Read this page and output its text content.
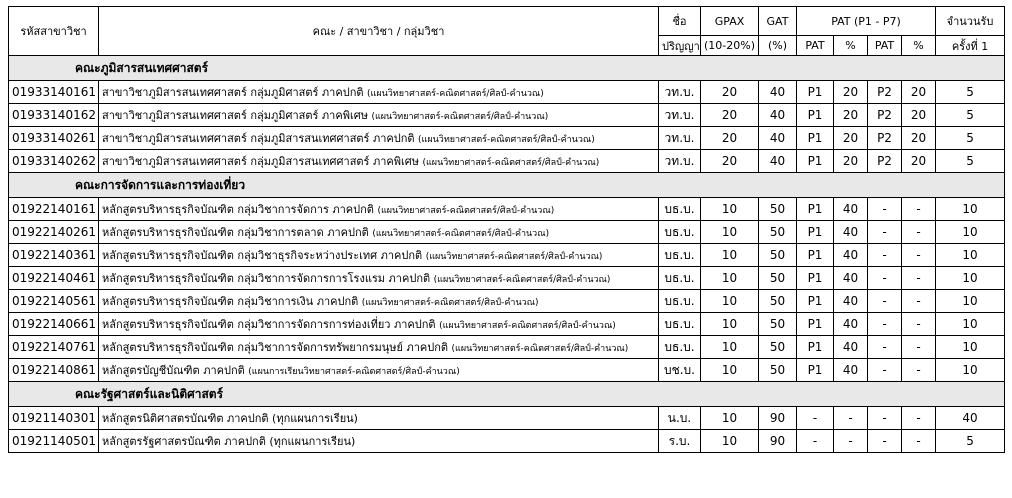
รหัสสาขาวิชา	คณะ / สาขาวิชา / กลุ่มวิชา	ชื่อ	GPAX	GAT	PAT (P1 - P7)				จำนวนรับ
		ปริญญา	(10-20%)	(%)	PAT	%	PAT	%	ครั้งที่ 1
คณะภูมิสารสนเทศศาสตร์									
01933140161	สาขาวิชาภูมิสารสนเทศศาสตร์ กลุ่มภูมิศาสตร์ ภาคปกติ (แผนวิทยาศาสตร์-คณิตศาสตร์/ศิลป์-คำนวณ)	วท.บ.	20	40	P1	20	P2	20	5
01933140162	สาขาวิชาภูมิสารสนเทศศาสตร์ กลุ่มภูมิศาสตร์ ภาคพิเศษ (แผนวิทยาศาสตร์-คณิตศาสตร์/ศิลป์-คำนวณ)	วท.บ.	20	40	P1	20	P2	20	5
01933140261	สาขาวิชาภูมิสารสนเทศศาสตร์ กลุ่มภูมิสารสนเทศศาสตร์ ภาคปกติ (แผนวิทยาศาสตร์-คณิตศาสตร์/ศิลป์-คำนวณ)	วท.บ.	20	40	P1	20	P2	20	5
01933140262	สาขาวิชาภูมิสารสนเทศศาสตร์ กลุ่มภูมิสารสนเทศศาสตร์ ภาคพิเศษ (แผนวิทยาศาสตร์-คณิตศาสตร์/ศิลป์-คำนวณ)	วท.บ.	20	40	P1	20	P2	20	5
คณะการจัดการและการท่องเที่ยว									
01922140161	หลักสูตรบริหารธุรกิจบัณฑิต กลุ่มวิชาการจัดการ ภาคปกติ (แผนวิทยาศาสตร์-คณิตศาสตร์/ศิลป์-คำนวณ)	บธ.บ.	10	50	P1	40	-	-	10
01922140261	หลักสูตรบริหารธุรกิจบัณฑิต กลุ่มวิชาการตลาด ภาคปกติ (แผนวิทยาศาสตร์-คณิตศาสตร์/ศิลป์-คำนวณ)	บธ.บ.	10	50	P1	40	-	-	10
01922140361	หลักสูตรบริหารธุรกิจบัณฑิต กลุ่มวิชาธุรกิจระหว่างประเทศ ภาคปกติ (แผนวิทยาศาสตร์-คณิตศาสตร์/ศิลป์-คำนวณ)	บธ.บ.	10	50	P1	40	-	-	10
01922140461	หลักสูตรบริหารธุรกิจบัณฑิต กลุ่มวิชาการจัดการการโรงแรม ภาคปกติ (แผนวิทยาศาสตร์-คณิตศาสตร์/ศิลป์-คำนวณ)	บธ.บ.	10	50	P1	40	-	-	10
01922140561	หลักสูตรบริหารธุรกิจบัณฑิต กลุ่มวิชาการเงิน ภาคปกติ (แผนวิทยาศาสตร์-คณิตศาสตร์/ศิลป์-คำนวณ)	บธ.บ.	10	50	P1	40	-	-	10
01922140661	หลักสูตรบริหารธุรกิจบัณฑิต กลุ่มวิชาการจัดการการท่องเที่ยว ภาคปกติ (แผนวิทยาศาสตร์-คณิตศาสตร์/ศิลป์-คำนวณ)	บธ.บ.	10	50	P1	40	-	-	10
01922140761	หลักสูตรบริหารธุรกิจบัณฑิต กลุ่มวิชาการจัดการทรัพยากรมนุษย์ ภาคปกติ (แผนวิทยาศาสตร์-คณิตศาสตร์/ศิลป์-คำนวณ)	บธ.บ.	10	50	P1	40	-	-	10
01922140861	หลักสูตรบัญชีบัณฑิต ภาคปกติ (แผนการเรียนวิทยาศาสตร์-คณิตศาสตร์/ศิลป์-คำนวณ)	บช.บ.	10	50	P1	40	-	-	10
คณะรัฐศาสตร์และนิติศาสตร์									
01921140301	หลักสูตรนิติศาสตรบัณฑิต ภาคปกติ (ทุกแผนการเรียน)	น.บ.	10	90	-	-	-	-	40
01921140501	หลักสูตรรัฐศาสตรบัณฑิต ภาคปกติ (ทุกแผนการเรียน)	ร.บ.	10	90	-	-	-	-	5
